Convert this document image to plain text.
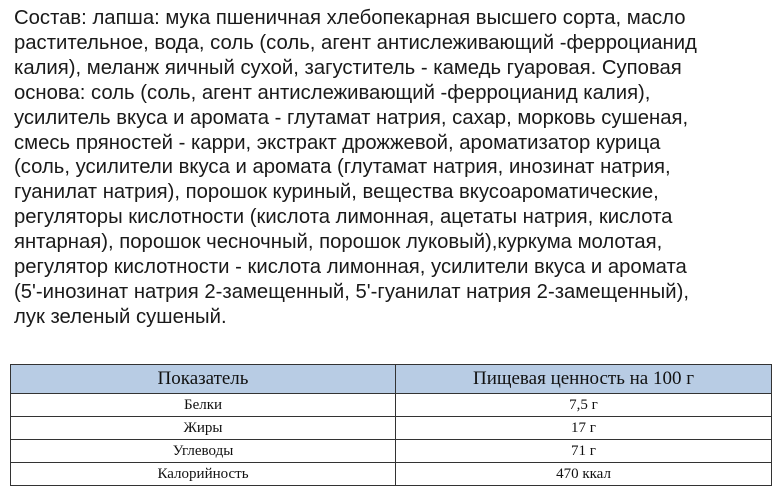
Состав: лапша: мука пшеничная хлебопекарная высшего сорта, масло
растительное, вода, соль (соль, агент антислеживающий -ферроцианид
калия), меланж яичный сухой, загуститель - камедь гуаровая. Суповая
основа: соль (соль, агент антислеживающий -ферроцианид калия),
усилитель вкуса и аромата - глутамат натрия, сахар, морковь сушеная,
смесь пряностей - карри, экстракт дрожжевой, ароматизатор курица
(соль, усилители вкуса и аромата (глутамат натрия, инозинат натрия,
гуанилат натрия), порошок куриный, вещества вкусоароматические,
регуляторы кислотности (кислота лимонная, ацетаты натрия, кислота
янтарная), порошок чесночный, порошок луковый),куркума молотая,
регулятор кислотности - кислота лимонная, усилители вкуса и аромата
(5'-инозинат натрия 2-замещенный, 5'-гуанилат натрия 2-замещенный),
лук зеленый сушеный.
Показатель	Пищевая ценность на 100 г
Белки	7,5 г
Жиры	17 г
Углеводы	71 г
Калорийность	470 ккал
